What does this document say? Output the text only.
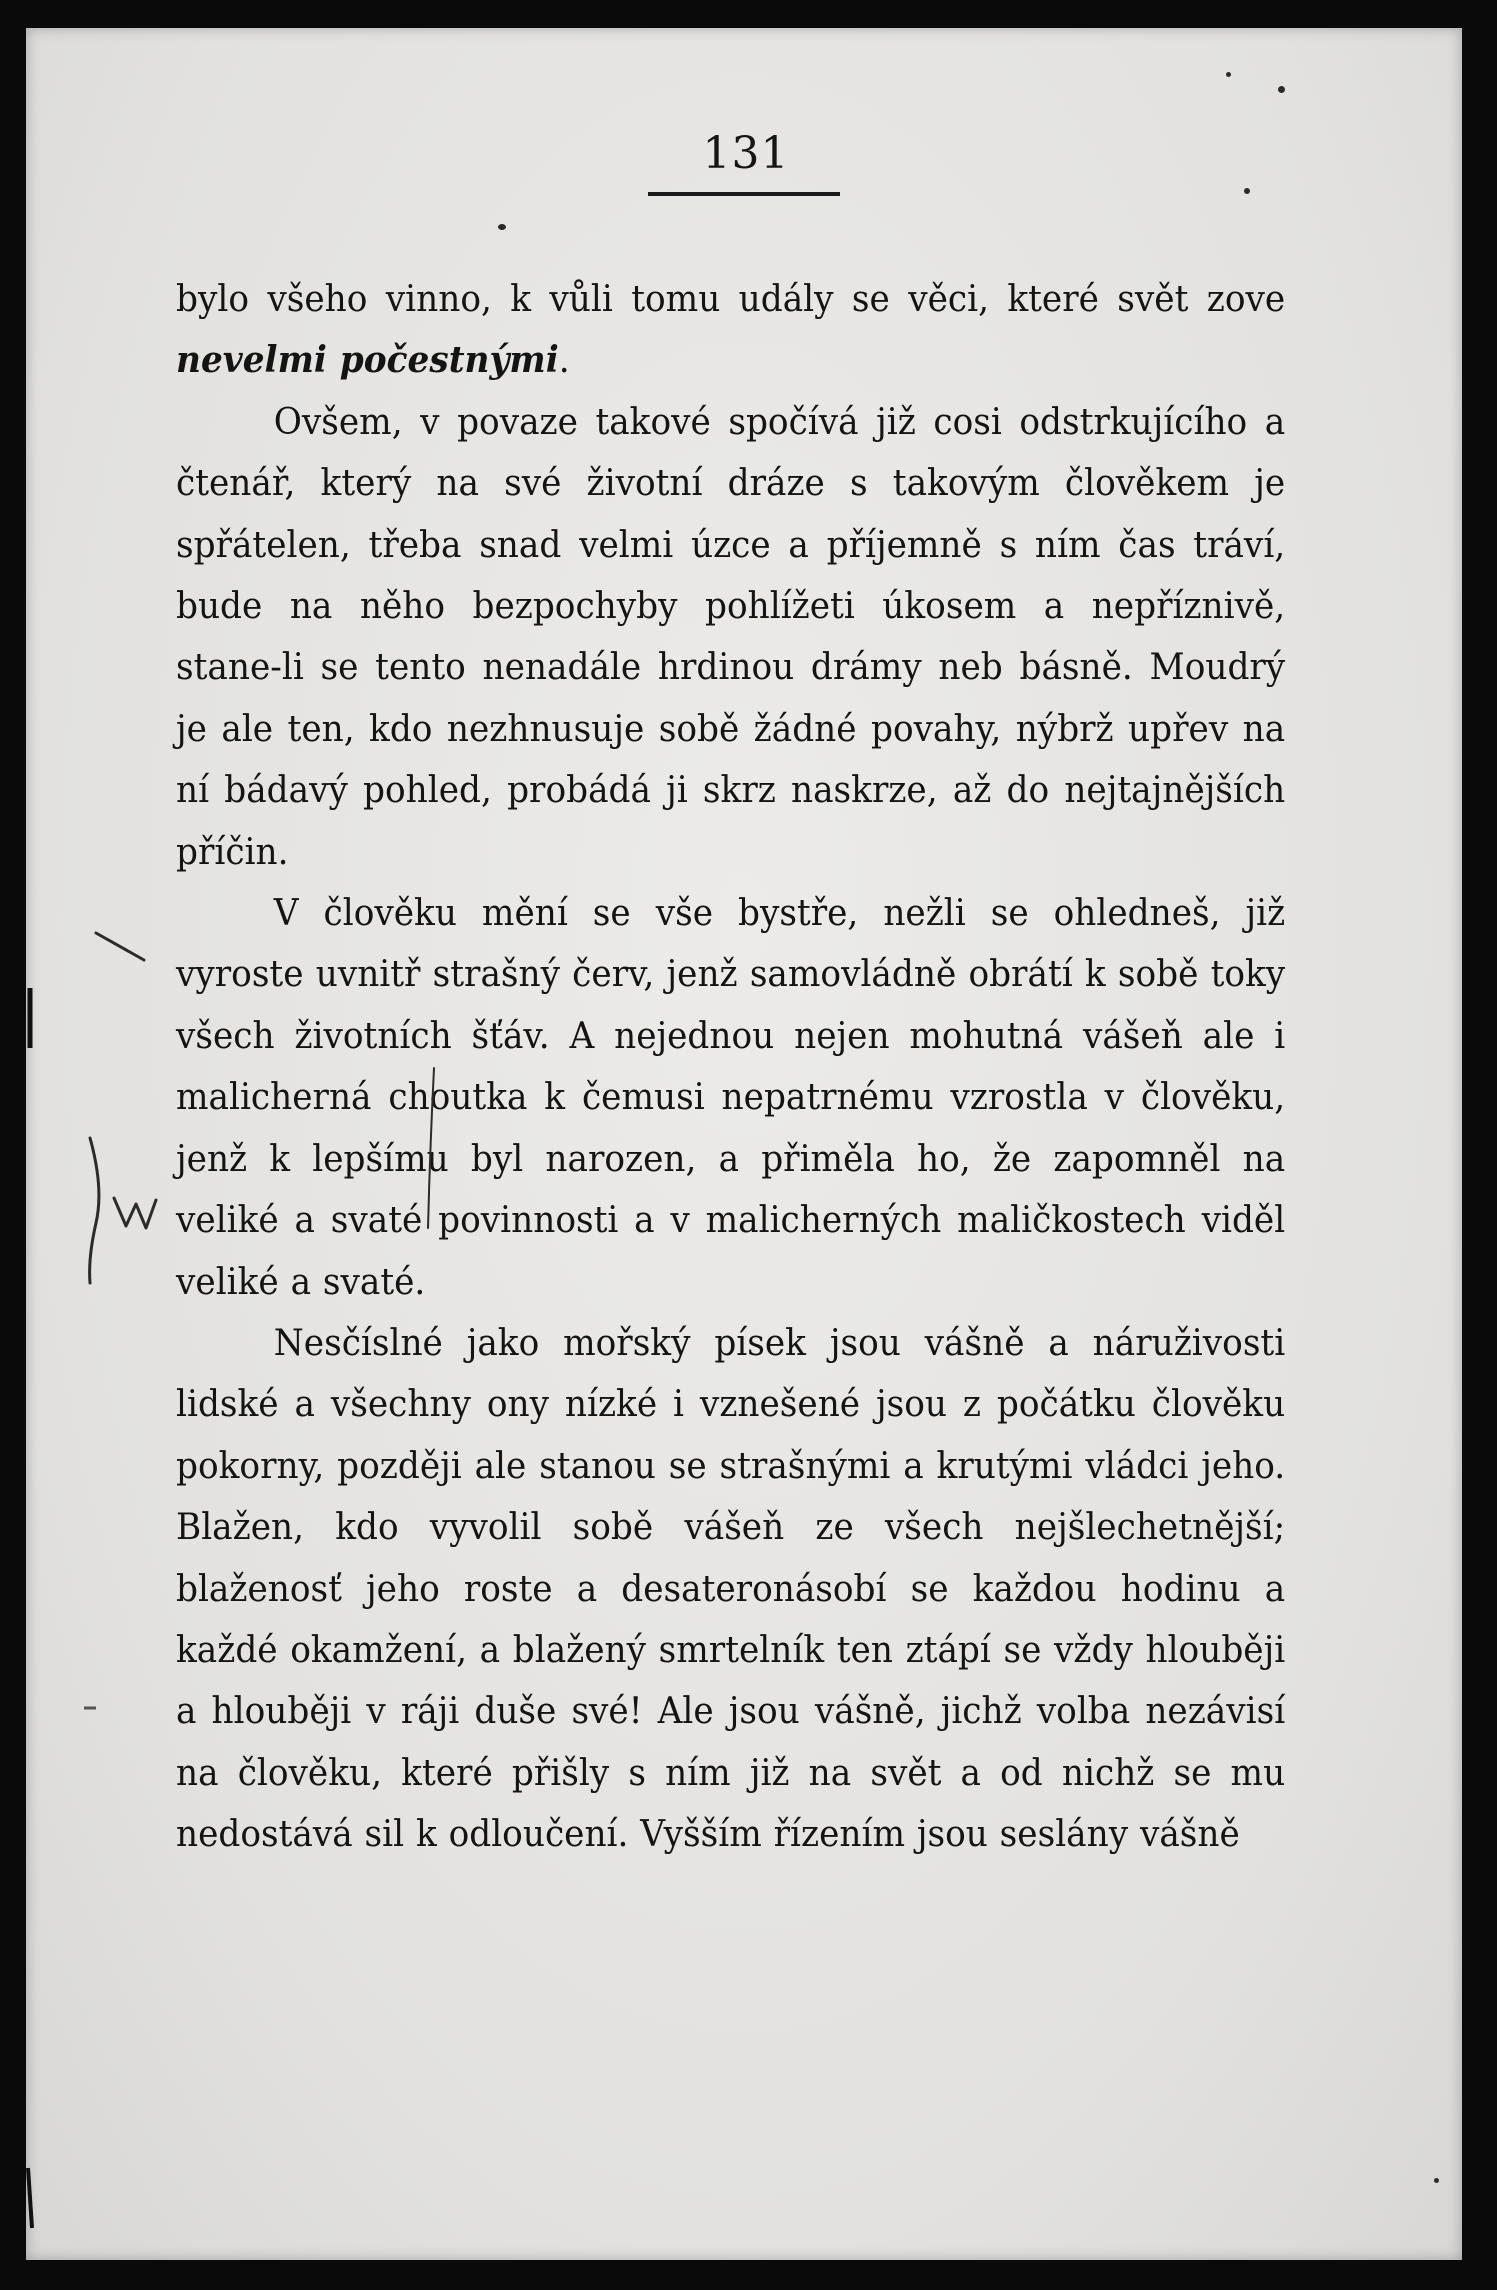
131

bylo všeho vinno, k vůli tomu udály se věci, které svět zove nevelmi počestnými.

Ovšem, v povaze takové spočívá již cosi odstrkujícího a čtenář, který na své životní dráze s takovým člověkem je spřátelen, třeba snad velmi úzce a příjemně s ním čas tráví, bude na něho bezpochyby pohlížeti úkosem a nepříznivě, stane-li se tento nenadále hrdinou drámy neb básně. Moudrý je ale ten, kdo nezhnusuje sobě žádné povahy, nýbrž upřev na ní bádavý pohled, probádá ji skrz naskrze, až do nejtajnějších příčin.

V člověku mění se vše bystře, nežli se ohledneš, již vyroste uvnitř strašný červ, jenž samovládně obrátí k sobě toky všech životních šťáv. A nejednou nejen mohutná vášeň ale i malicherná choutka k čemusi nepatrnému vzrostla v člověku, jenž k lepšímu byl narozen, a přiměla ho, že zapomněl na veliké a svaté povinnosti a v malicherných maličkostech viděl veliké a svaté.

Nesčíslné jako mořský písek jsou vášně a náruživosti lidské a všechny ony nízké i vznešené jsou z počátku člověku pokorny, později ale stanou se strašnými a krutými vládci jeho. Blažen, kdo vyvolil sobě vášeň ze všech nejšlechetnější; blaženosť jeho roste a desateronásobí se každou hodinu a každé okamžení, a blažený smrtelník ten ztápí se vždy hlouběji a hlouběji v ráji duše své! Ale jsou vášně, jichž volba nezávisí na člověku, které přišly s ním již na svět a od nichž se mu nedostává sil k odloučení. Vyšším řízením jsou seslány vášně
